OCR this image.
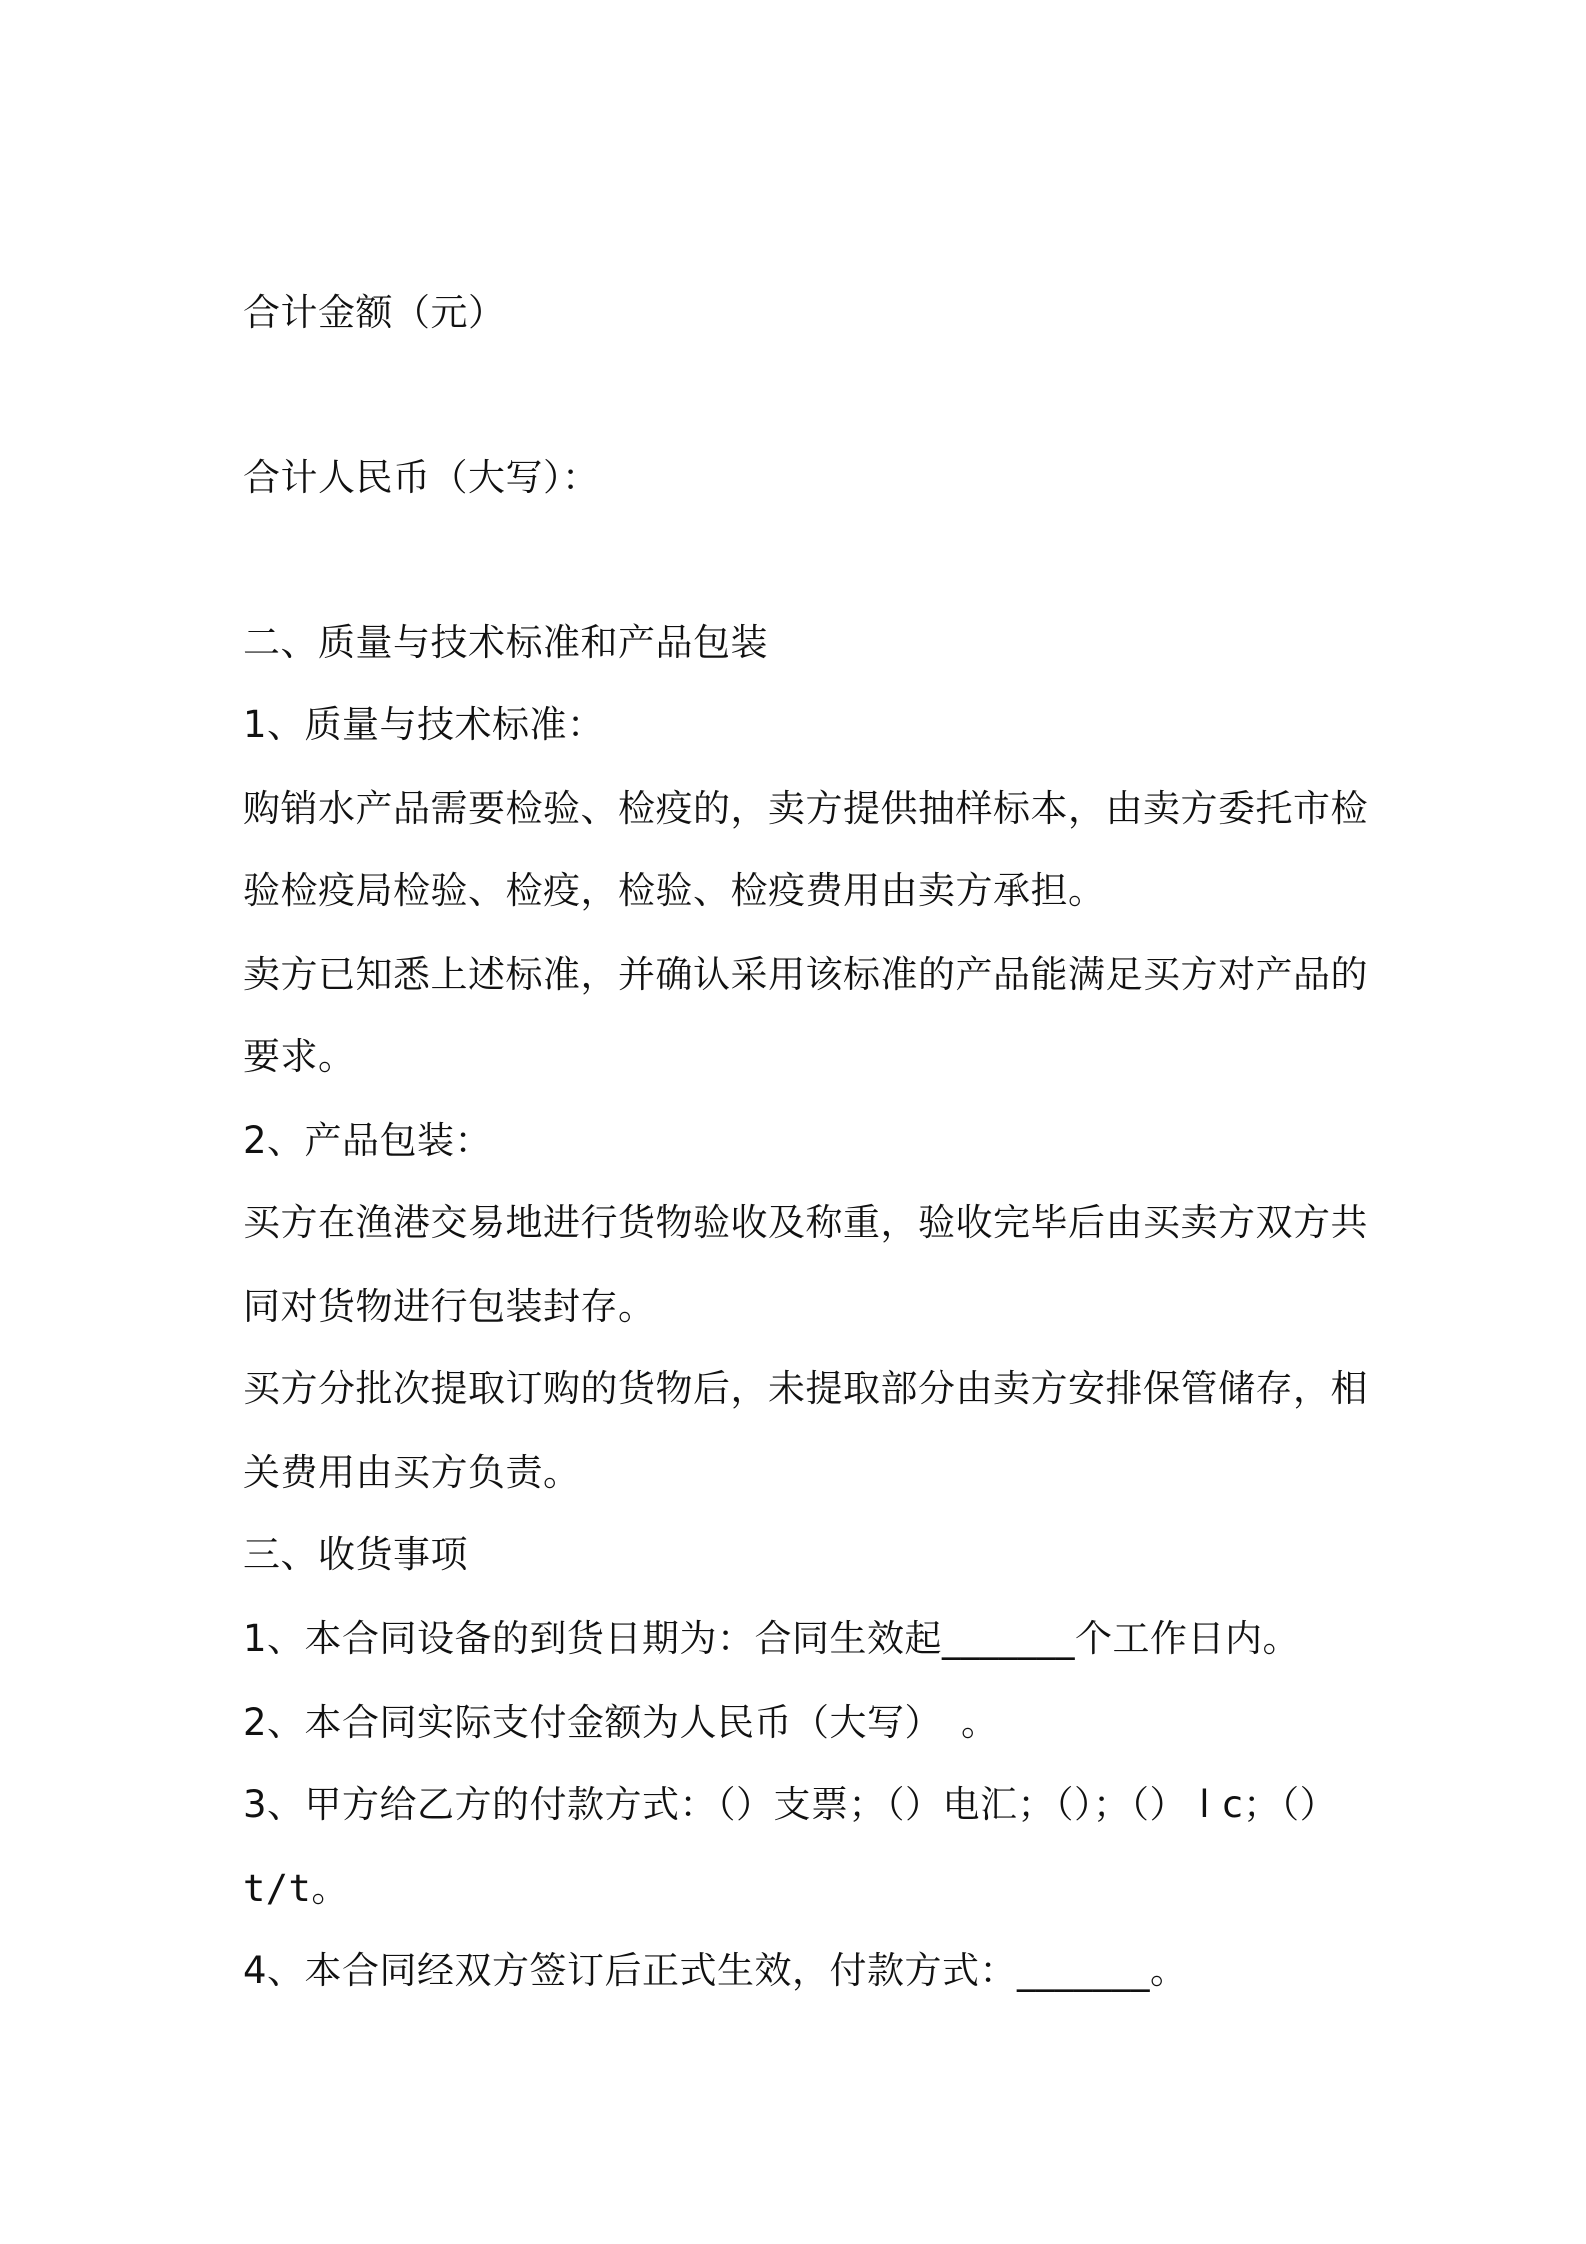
合计金额（元）
合计人民币（大写）：
二、质量与技术标准和产品包装
1、质量与技术标准：
购销水产品需要检验、检疫的，卖方提供抽样标本，由卖方委托市检
验检疫局检验、检疫，检验、检疫费用由卖方承担。
卖方已知悉上述标准，并确认采用该标准的产品能满足买方对产品的
要求。
2、产品包装：
买方在渔港交易地进行货物验收及称重，验收完毕后由买卖方双方共
同对货物进行包装封存。
买方分批次提取订购的货物后，未提取部分由卖方安排保管储存，相
关费用由买方负责。
三、收货事项
1、本合同设备的到货日期为：合同生效起_______个工作日内。
2、本合同实际支付金额为人民币（大写）　。
3、甲方给乙方的付款方式：（）支票；（）电汇；（）；（） l c；（）
t/t。
4、本合同经双方签订后正式生效，付款方式：_______。
